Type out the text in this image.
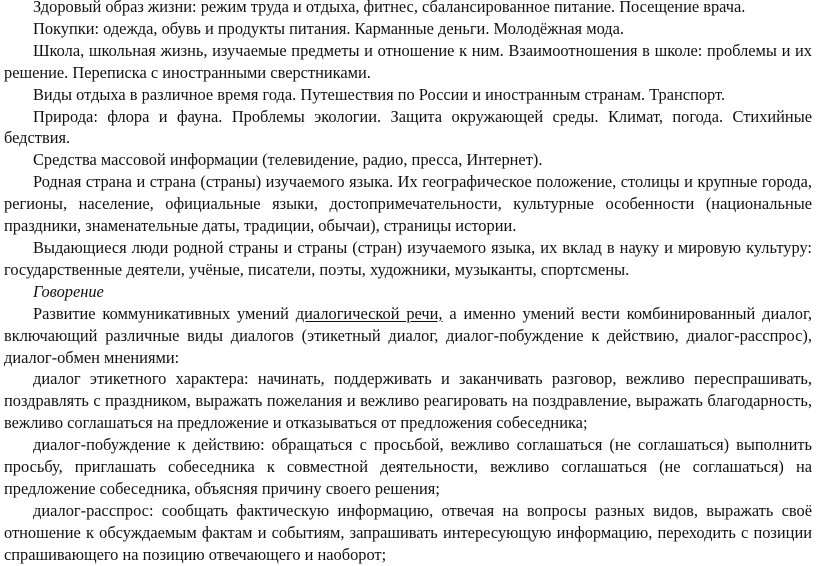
Здоровый образ жизни: режим труда и отдыха, фитнес, сбалансированное питание. Посещение врача.

Покупки: одежда, обувь и продукты питания. Карманные деньги. Молодёжная мода.

Школа, школьная жизнь, изучаемые предметы и отношение к ним. Взаимоотношения в школе: проблемы и их решение. Переписка с иностранными сверстниками.

Виды отдыха в различное время года. Путешествия по России и иностранным странам. Транспорт.

Природа: флора и фауна. Проблемы экологии. Защита окружающей среды. Климат, погода. Стихийные бедствия.

Средства массовой информации (телевидение, радио, пресса, Интернет).

Родная страна и страна (страны) изучаемого языка. Их географическое положение, столицы и крупные города, регионы, население, официальные языки, достопримечательности, культурные особенности (национальные праздники, знаменательные даты, традиции, обычаи), страницы истории.

Выдающиеся люди родной страны и страны (стран) изучаемого языка, их вклад в науку и мировую культуру: государственные деятели, учёные, писатели, поэты, художники, музыканты, спортсмены.

Говорение

Развитие коммуникативных умений диалогической речи, а именно умений вести комбинированный диалог, включающий различные виды диалогов (этикетный диалог, диалог-побуждение к действию, диалог-расспрос), диалог-обмен мнениями:

диалог этикетного характера: начинать, поддерживать и заканчивать разговор, вежливо переспрашивать, поздравлять с праздником, выражать пожелания и вежливо реагировать на поздравление, выражать благодарность, вежливо соглашаться на предложение и отказываться от предложения собеседника;

диалог-побуждение к действию: обращаться с просьбой, вежливо соглашаться (не соглашаться) выполнить просьбу, приглашать собеседника к совместной деятельности, вежливо соглашаться (не соглашаться) на предложение собеседника, объясняя причину своего решения;

диалог-расспрос: сообщать фактическую информацию, отвечая на вопросы разных видов, выражать своё отношение к обсуждаемым фактам и событиям, запрашивать интересующую информацию, переходить с позиции спрашивающего на позицию отвечающего и наоборот;
